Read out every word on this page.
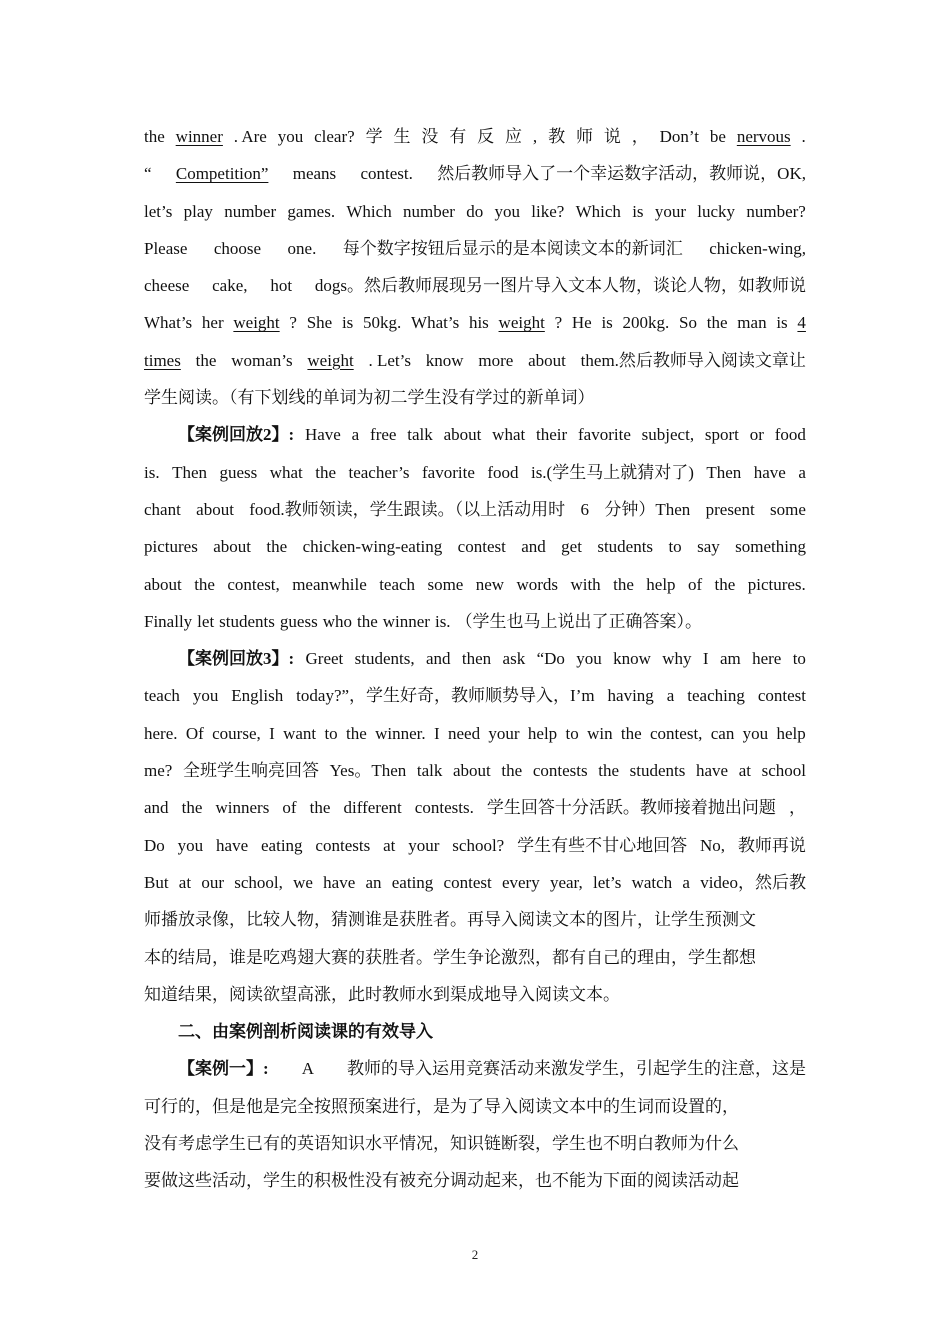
the winner . Are you clear? 学 生 没 有 反 应 , 教 师 说 ， Don’t be nervous .
“ Competition” means contest. 然后教师导入了一个幸运数字活动，教师说，OK,
let’s play number games. Which number do you like? Which is your lucky number?
Please choose one. 每个数字按钮后显示的是本阅读文本的新词汇 chicken-wing,
cheese cake, hot dogs。然后教师展现另一图片导入文本人物，谈论人物，如教师说
What’s her weight ? She is 50kg. What’s his weight ? He is 200kg. So the man is 4
times the woman’s weight . Let’s know more about them.然后教师导入阅读文章让
学生阅读。（有下划线的单词为初二学生没有学过的新单词）
【案例回放2】: Have a free talk about what their favorite subject, sport or food
is. Then guess what the teacher’s favorite food is.(学生马上就猜对了) Then have a
chant about food.教师领读，学生跟读。（以上活动用时 6 分钟）Then present some
pictures about the chicken-wing-eating contest and get students to say something
about the contest, meanwhile teach some new words with the help of the pictures.
Finally let students guess who the winner is. （学生也马上说出了正确答案）。
【案例回放3】: Greet students, and then ask “Do you know why I am here to
teach you English today?”，学生好奇，教师顺势导入，I’m having a teaching contest
here. Of course, I want to the winner. I need your help to win the contest, can you help
me? 全班学生响亮回答 Yes。Then talk about the contests the students have at school
and the winners of the different contests. 学生回答十分活跃。教师接着抛出问题 ，
Do you have eating contests at your school? 学生有些不甘心地回答 No, 教师再说
But at our school, we have an eating contest every year, let’s watch a video，然后教
师播放录像，比较人物，猜测谁是获胜者。再导入阅读文本的图片，让学生预测文
本的结局，谁是吃鸡翅大赛的获胜者。学生争论激烈，都有自己的理由，学生都想
知道结果，阅读欲望高涨，此时教师水到渠成地导入阅读文本。
二、由案例剖析阅读课的有效导入
【案例一】: A 教师的导入运用竞赛活动来激发学生，引起学生的注意，这是
可行的，但是他是完全按照预案进行，是为了导入阅读文本中的生词而设置的，
没有考虑学生已有的英语知识水平情况，知识链断裂，学生也不明白教师为什么
要做这些活动，学生的积极性没有被充分调动起来，也不能为下面的阅读活动起
2
